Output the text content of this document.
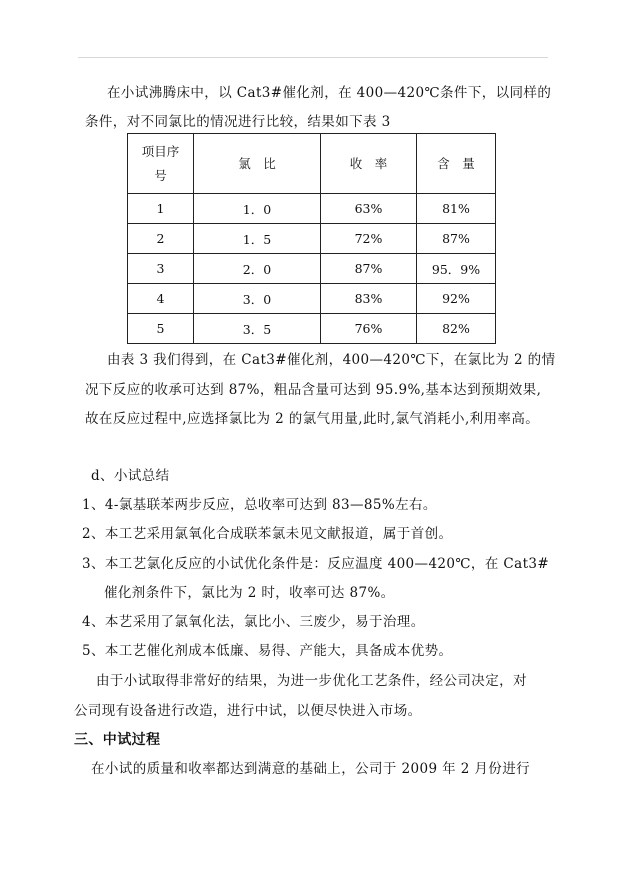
在小试沸腾床中，以 Cat3#催化剂，在 400—420℃条件下，以同样的
条件，对不同氯比的情况进行比较，结果如下表 3
项目序号	氯　比	收　率	含　量
1	1．0	63%	81%
2	1．5	72%	87%
3	2．0	87%	95．9%
4	3．0	83%	92%
5	3．5	76%	82%
由表 3 我们得到，在 Cat3#催化剂，400—420℃下，在氯比为 2 的情
况下反应的收承可达到 87%，粗品含量可达到 95.9%,基本达到预期效果,
故在反应过程中,应选择氯比为 2 的氯气用量,此时,氯气消耗小,利用率高。
d、小试总结
1、4-氯基联苯两步反应，总收率可达到 83—85%左右。
2、本工艺采用氯氧化合成联苯氯未见文献报道，属于首创。
3、本工艺氯化反应的小试优化条件是：反应温度 400—420℃，在 Cat3#
催化剂条件下，氯比为 2 时，收率可达 87%。
4、本艺采用了氯氧化法，氯比小、三废少，易于治理。
5、本工艺催化剂成本低廉、易得、产能大，具备成本优势。
由于小试取得非常好的结果，为进一步优化工艺条件，经公司决定，对
公司现有设备进行改造，进行中试，以便尽快进入市场。
三、中试过程
在小试的质量和收率都达到满意的基础上，公司于 2009 年 2 月份进行
